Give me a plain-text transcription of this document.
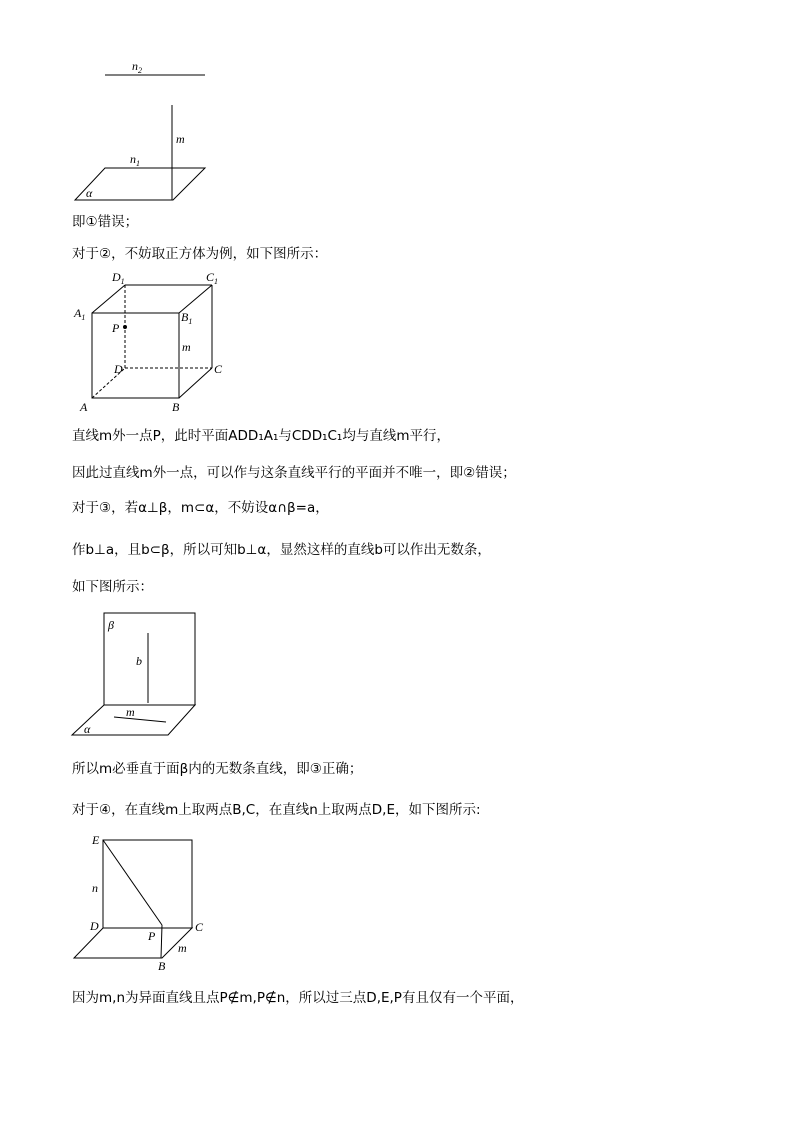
$n_2$
m
$n_1$
α
即①错误；
对于②，不妨取正方体为例，如下图所示：
$D_1$	$C_1$
$A_1$	$B_1$
P
m
D	C
A	B
直线m外一点P，此时平面ADD₁A₁与CDD₁C₁均与直线m平行，
因此过直线m外一点，可以作与这条直线平行的平面并不唯一，即②错误；
对于③，若α⊥β，m⊂α，不妨设α∩β=a，
作b⊥a，且b⊂β，所以可知b⊥α，显然这样的直线b可以作出无数条，
如下图所示：
β
b
m
α
所以m必垂直于面β内的无数条直线，即③正确；
对于④，在直线m上取两点B,C，在直线n上取两点D,E，如下图所示:
E
n
D
P
C
m
B
因为m,n为异面直线且点P∉m,P∉n，所以过三点D,E,P有且仅有一个平面，
